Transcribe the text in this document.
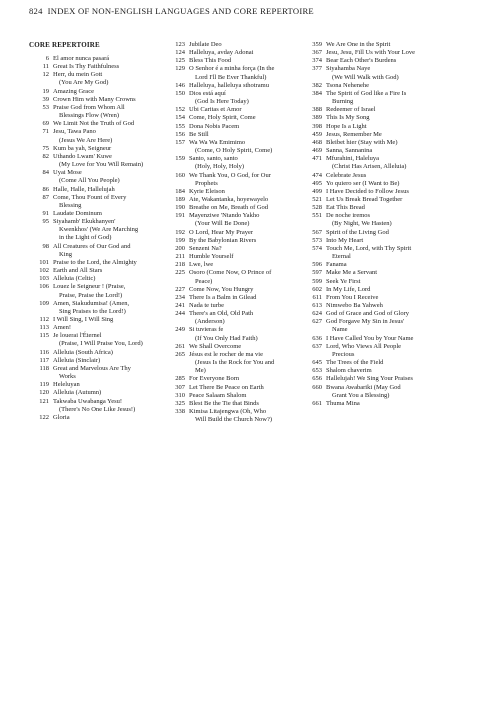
824 INDEX OF NON-ENGLISH LANGUAGES AND CORE REPERTOIRE
CORE REPERTOIRE
6 El amor nunca pasará
11 Great Is Thy Faithfulness
12 Herr, du mein Gott
(You Are My God)
19 Amazing Grace
39 Crown Him with Many Crowns
53 Praise God from Whom All
Blessings Flow (Wren)
69 We Limit Not the Truth of God
71 Jesu, Tawa Pano
(Jesus We Are Here)
75 Kum ba yah, Seigneur
82 Uthando Lwam' Kuwe
(My Love for You Will Remain)
84 Uyai Mose
(Come All You People)
86 Halle, Halle, Hallelujah
87 Come, Thou Fount of Every
Blessing
91 Laudate Dominum
95 Siyahamb' Ekukhanyen'
Kwenkhos' (We Are Marching
in the Light of God)
98 All Creatures of Our God and
King
101 Praise to the Lord, the Almighty
102 Earth and All Stars
103 Alleluia (Celtic)
106 Louez le Seigneur ! (Praise,
Praise, Praise the Lord!)
109 Amen, Siakudumisa! (Amen,
Sing Praises to the Lord!)
112 I Will Sing, I Will Sing
113 Amen!
115 Je louerai l'Éternel
(Praise, I Will Praise You, Lord)
116 Alleluia (South Africa)
117 Alleluia (Sinclair)
118 Great and Marvelous Are Thy
Works
119 Heleluyan
120 Alleluia (Autumn)
121 Takwaba Uwabanga Yesu!
(There's No One Like Jesus!)
122 Gloria
123 Jubilate Deo
124 Halleluya, avday Adonai
125 Bless This Food
129 O Senhor é a minha força (In the
Lord I'll Be Ever Thankful)
146 Halleluya, halleluya sthotramu
150 Dios está aquí
(God Is Here Today)
152 Ubi Caritas et Amor
154 Come, Holy Spirit, Come
155 Dona Nobis Pacem
156 Be Still
157 Wa Wa Wa Emimimo
(Come, O Holy Spirit, Come)
159 Santo, santo, santo
(Holy, Holy, Holy)
160 We Thank You, O God, for Our
Prophets
184 Kyrie Eleison
189 Ate, Wakantanka, hoyewayelo
190 Breathe on Me, Breath of God
191 Mayenziwe 'Ntando Yakho
(Your Will Be Done)
192 O Lord, Hear My Prayer
199 By the Babylonian Rivers
200 Senzeni Na?
211 Humble Yourself
218 Lwe, lwe
225 Osoro (Come Now, O Prince of
Peace)
227 Come Now, You Hungry
234 There Is a Balm in Gilead
241 Nada te turbe
244 There's an Old, Old Path
(Anderson)
249 Si tuvieras fe
(If You Only Had Faith)
261 We Shall Overcome
265 Jésus est le rocher de ma vie
(Jesus Is the Rock for You and
Me)
285 For Everyone Born
307 Let There Be Peace on Earth
310 Peace Salaam Shalom
325 Blest Be the Tie that Binds
338 Kimisa Litajengwa (Oh, Who
Will Build the Church Now?)
359 We Are One in the Spirit
367 Jesu, Jesu, Fill Us with Your Love
374 Bear Each Other's Burdens
377 Siyahamba Naye
(We Will Walk with God)
382 Tsona Nehenehe
384 The Spirit of God like a Fire Is
Burning
388 Redeemer of Israel
389 This Is My Song
398 Hope Is a Light
459 Jesus, Remember Me
468 Bleibet hier (Stay with Me)
469 Sanna, Sannanina
471 Mfurahini, Haleluya
(Christ Has Arisen, Alleluia)
474 Celebrate Jesus
495 Yo quiero ser (I Want to Be)
499 I Have Decided to Follow Jesus
521 Let Us Break Bread Together
528 Eat This Bread
551 De noche iremos
(By Night, We Hasten)
567 Spirit of the Living God
573 Into My Heart
574 Touch Me, Lord, with Thy Spirit
Eternal
596 Fanama
597 Make Me a Servant
599 Seek Ye First
602 In My Life, Lord
611 From You I Receive
613 Nimwebo Ba Yahweh
624 God of Grace and God of Glory
627 God Forgave My Sin in Jesus'
Name
636 I Have Called You by Your Name
637 Lord, Who Views All People
Precious
645 The Trees of the Field
653 Shalom chaverim
656 Hallelujah! We Sing Your Praises
660 Bwana Awabariki (May God
Grant You a Blessing)
661 Thuma Mina
